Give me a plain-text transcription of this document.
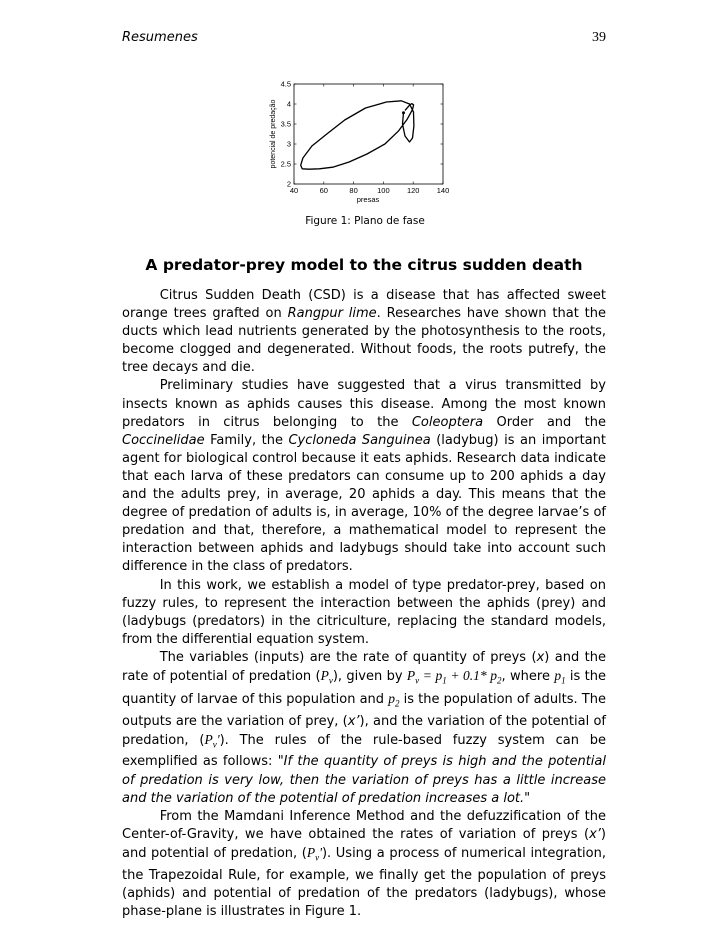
Resumenes	39
40	60	80	100 120 140
2
2.5
3
3.5
4
4.5
presas
potencial de predação
Figure 1: Plano de fase
A predator-prey model to the citrus sudden death

Citrus Sudden Death (CSD) is a disease that has affected sweet orange trees grafted on Rangpur lime. Researches have shown that the ducts which lead nutrients generated by the photosynthesis to the roots, become clogged and degenerated. Without foods, the roots putrefy, the tree decays and die.

Preliminary studies have suggested that a virus transmitted by insects known as aphids causes this disease. Among the most known predators in citrus belonging to the Coleoptera Order and the Coccinelidae Family, the Cycloneda Sanguinea (ladybug) is an important agent for biological control because it eats aphids. Research data indicate that each larva of these predators can consume up to 200 aphids a day and the adults prey, in average, 20 aphids a day. This means that the degree of predation of adults is, in average, 10% of the degree larvae’s of predation and that, therefore, a mathematical model to represent the interaction between aphids and ladybugs should take into account such difference in the class of predators.

In this work, we establish a model of type predator-prey, based on fuzzy rules, to represent the interaction between the aphids (prey) and (ladybugs (predators) in the citriculture, replacing the standard models, from the differential equation system.

The variables (inputs) are the rate of quantity of preys (x) and the rate of potential of predation $(P_v)$, given by $P_v = p_1 + 0.1*$ $p_2$, where $p_1$ is the quantity of larvae of this population and $p_2$ is the population of adults. The outputs are the variation of prey, (x’), and the variation of the potential of predation, $(P_v')$. The rules of the rule-based fuzzy system can be exemplified as follows: "If the quantity of preys is high and the potential of predation is very low, then the variation of preys has a little increase and the variation of the potential of predation increases a lot."

From the Mamdani Inference Method and the defuzzification of the Center-of-Gravity, we have obtained the rates of variation of preys (x’) and potential of predation, $(P_v')$. Using a process of numerical integration, the Trapezoidal Rule, for example, we finally get the population of preys (aphids) and potential of predation of the predators (ladybugs), whose phase-plane is illustrates in Figure 1.
